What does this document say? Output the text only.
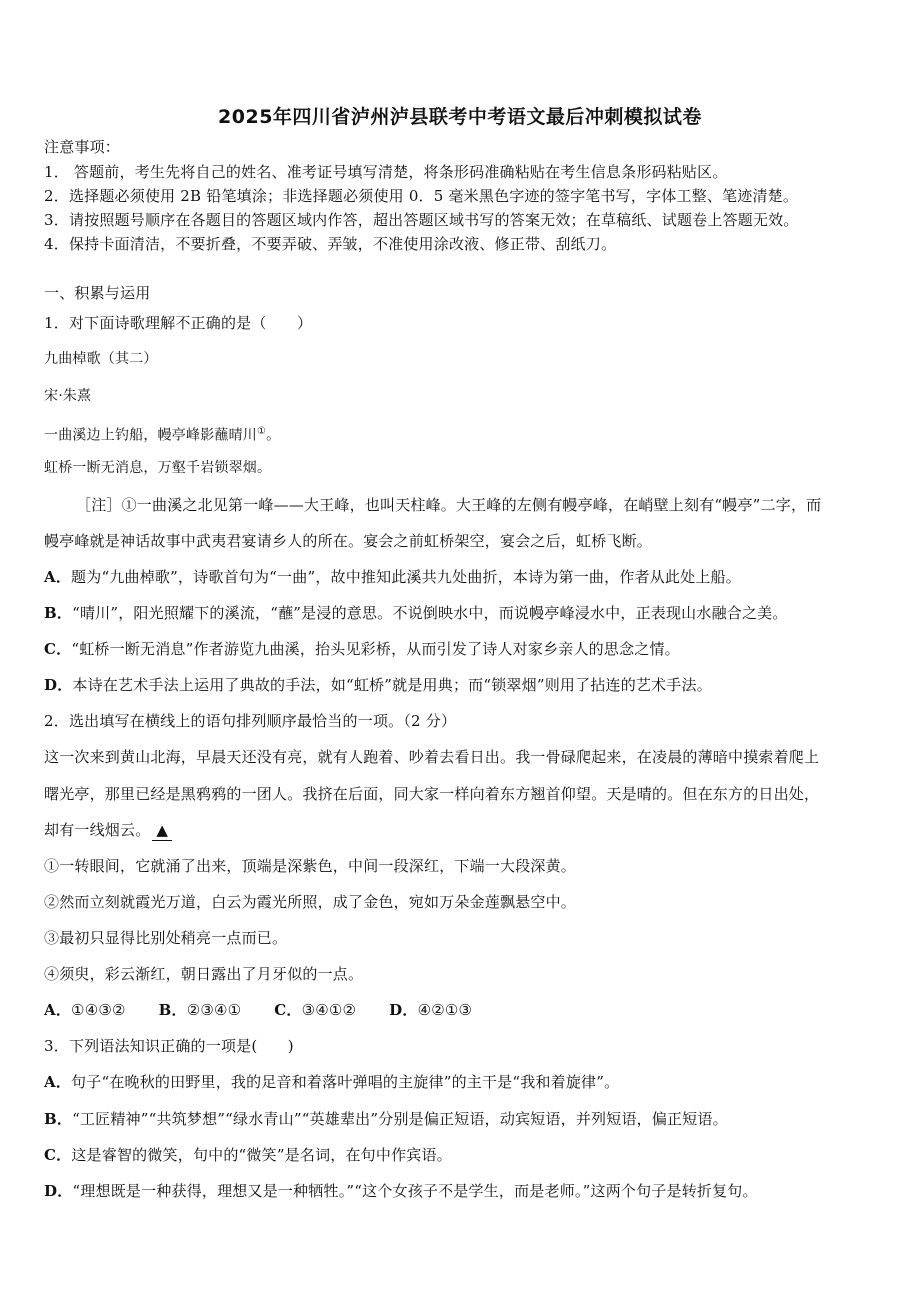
2025年四川省泸州泸县联考中考语文最后冲刺模拟试卷
注意事项：
1． 答题前，考生先将自己的姓名、准考证号填写清楚，将条形码准确粘贴在考生信息条形码粘贴区。
2．选择题必须使用 2B 铅笔填涂；非选择题必须使用 0．5 毫米黑色字迹的签字笔书写，字体工整、笔迹清楚。
3．请按照题号顺序在各题目的答题区域内作答，超出答题区域书写的答案无效；在草稿纸、试题卷上答题无效。
4．保持卡面清洁，不要折叠，不要弄破、弄皱，不准使用涂改液、修正带、刮纸刀。
一、积累与运用
1．对下面诗歌理解不正确的是（　　）
九曲棹歌（其二）
宋·朱熹
一曲溪边上钓船，幔亭峰影蘸晴川①。
虹桥一断无消息，万壑千岩锁翠烟。
［注］①一曲溪之北见第一峰——大王峰，也叫天柱峰。大王峰的左侧有幔亭峰，在峭壁上刻有“幔亭”二字，而
幔亭峰就是神话故事中武夷君宴请乡人的所在。宴会之前虹桥架空，宴会之后，虹桥飞断。
A．题为“九曲棹歌”，诗歌首句为“一曲”，故中推知此溪共九处曲折，本诗为第一曲，作者从此处上船。
B．“晴川”，阳光照耀下的溪流，“蘸”是浸的意思。不说倒映水中，而说幔亭峰浸水中，正表现山水融合之美。
C．“虹桥一断无消息”作者游览九曲溪，抬头见彩桥，从而引发了诗人对家乡亲人的思念之情。
D．本诗在艺术手法上运用了典故的手法，如“虹桥”就是用典；而“锁翠烟”则用了拈连的艺术手法。
2．选出填写在横线上的语句排列顺序最恰当的一项。（2 分）
这一次来到黄山北海，早晨天还没有亮，就有人跑着、吵着去看日出。我一骨碌爬起来，在凌晨的薄暗中摸索着爬上
曙光亭，那里已经是黑鸦鸦的一团人。我挤在后面，同大家一样向着东方翘首仰望。天是晴的。但在东方的日出处，
却有一线烟云。 ▲
①一转眼间，它就涌了出来，顶端是深紫色，中间一段深红，下端一大段深黄。
②然而立刻就霞光万道，白云为霞光所照，成了金色，宛如万朵金莲飘悬空中。
③最初只显得比别处稍亮一点而已。
④须臾，彩云渐红，朝日露出了月牙似的一点。
A．①④③② B．②③④① C．③④①② D．④②①③
3．下列语法知识正确的一项是(　　)
A．句子“在晚秋的田野里，我的足音和着落叶弹唱的主旋律”的主干是“我和着旋律”。
B．“工匠精神”“共筑梦想”“绿水青山”“英雄辈出”分别是偏正短语，动宾短语，并列短语，偏正短语。
C．这是睿智的微笑，句中的“微笑”是名词，在句中作宾语。
D．“理想既是一种获得，理想又是一种牺牲。”“这个女孩子不是学生，而是老师。”这两个句子是转折复句。
